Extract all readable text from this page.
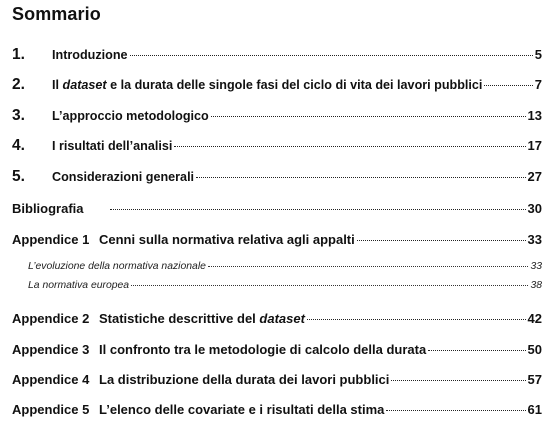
Sommario
1.	Introduzione	5
2.	Il dataset e la durata delle singole fasi del ciclo di vita dei lavori pubblici	7
3.	L’approccio metodologico	13
4.	I risultati dell’analisi	17
5.	Considerazioni generali	27
Bibliografia	30
Appendice 1 Cenni sulla normativa relativa agli appalti	33
L’evoluzione della normativa nazionale	33
La normativa europea	38
Appendice 2 Statistiche descrittive del dataset	42
Appendice 3 Il confronto tra le metodologie di calcolo della durata	50
Appendice 4 La distribuzione della durata dei lavori pubblici	57
Appendice 5 L’elenco delle covariate e i risultati della stima	61
